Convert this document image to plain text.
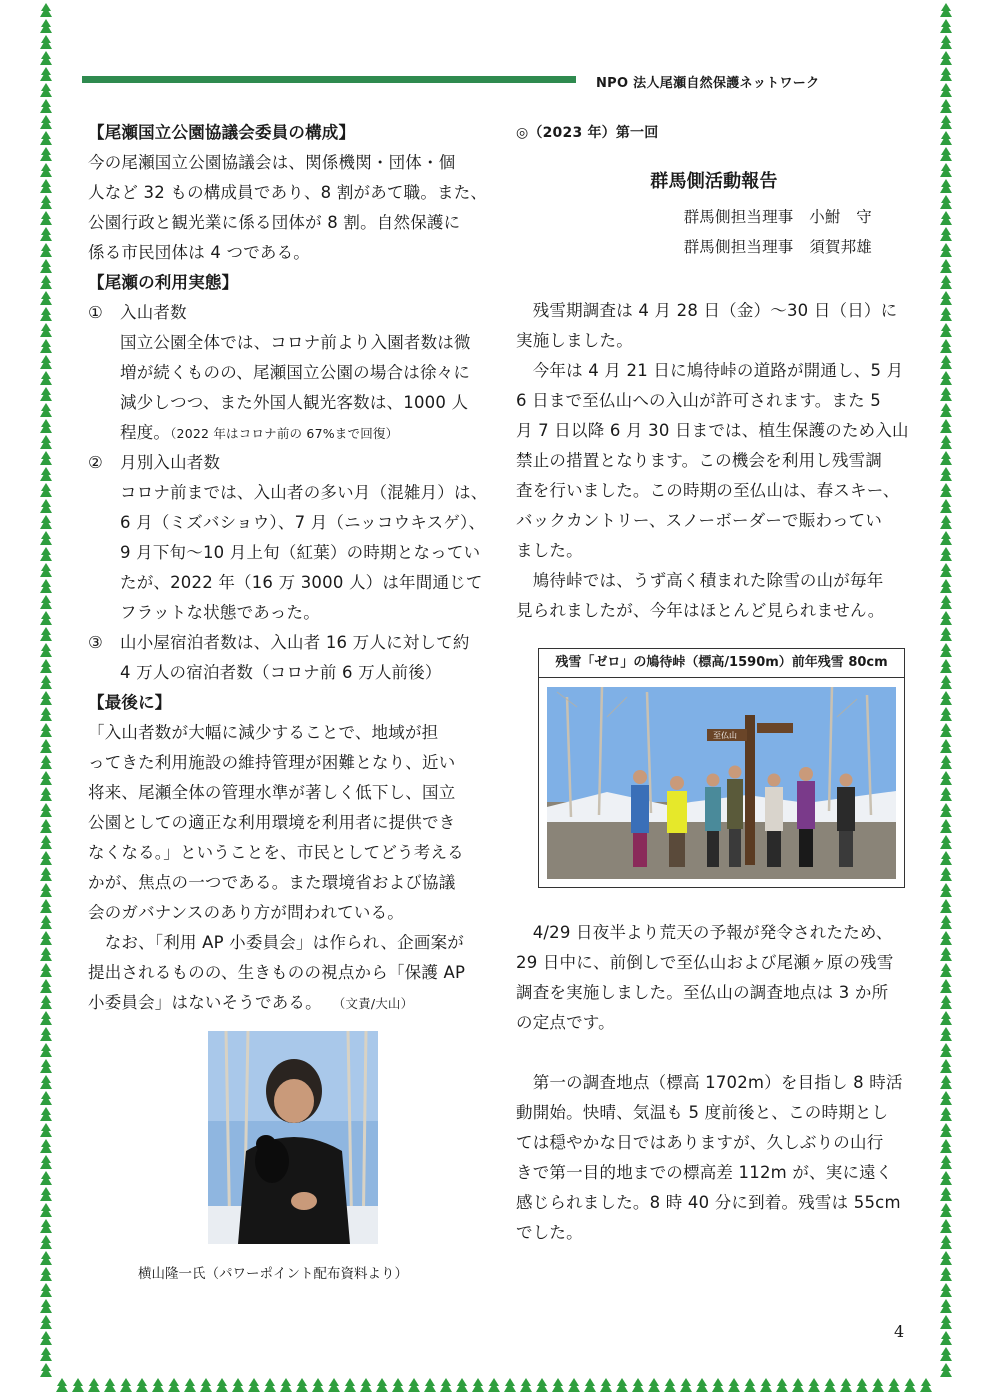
NPO 法人尾瀬自然保護ネットワーク
【尾瀬国立公園協議会委員の構成】
今の尾瀬国立公園協議会は、関係機関・団体・個
人など 32 もの構成員であり、8 割があて職。また、
公園行政と観光業に係る団体が 8 割。自然保護に
係る市民団体は 4 つである。
【尾瀬の利用実態】
① 入山者数
国立公園全体では、コロナ前より入園者数は微
増が続くものの、尾瀬国立公園の場合は徐々に
減少しつつ、また外国人観光客数は、1000 人
程度。（2022 年はコロナ前の 67%まで回復）
② 月別入山者数
コロナ前までは、入山者の多い月（混雑月）は、
6 月（ミズバショウ）、7 月（ニッコウキスゲ）、
9 月下旬〜10 月上旬（紅葉）の時期となってい
たが、2022 年（16 万 3000 人）は年間通じて
フラットな状態であった。
③ 山小屋宿泊者数は、入山者 16 万人に対して約
4 万人の宿泊者数（コロナ前 6 万人前後）
【最後に】
「入山者数が大幅に減少することで、地域が担
ってきた利用施設の維持管理が困難となり、近い
将来、尾瀬全体の管理水準が著しく低下し、国立
公園としての適正な利用環境を利用者に提供でき
なくなる。」ということを、市民としてどう考える
かが、焦点の一つである。また環境省および協議
会のガバナンスのあり方が問われている。
　なお、「利用 AP 小委員会」は作られ、企画案が
提出されるものの、生きものの視点から「保護 AP
小委員会」はないそうである。　　（文責/大山）
横山隆一氏（パワーポイント配布資料より）
◎（2023 年）第一回
群馬側活動報告
群馬側担当理事　小鮒　守
群馬側担当理事　須賀邦雄
　残雪期調査は 4 月 28 日（金）〜30 日（日）に
実施しました。
　今年は 4 月 21 日に鳩待峠の道路が開通し、5 月
6 日まで至仏山への入山が許可されます。また 5
月 7 日以降 6 月 30 日までは、植生保護のため入山
禁止の措置となります。この機会を利用し残雪調
査を行いました。この時期の至仏山は、春スキー、
バックカントリー、スノーボーダーで賑わってい
ました。
　鳩待峠では、うず高く積まれた除雪の山が毎年
見られましたが、今年はほとんど見られません。
残雪「ゼロ」の鳩待峠（標高/1590m）前年残雪 80cm
至仏山
　4/29 日夜半より荒天の予報が発令されたため、
29 日中に、前倒しで至仏山および尾瀬ヶ原の残雪
調査を実施しました。至仏山の調査地点は 3 か所
の定点です。
　第一の調査地点（標高 1702m）を目指し 8 時活
動開始。快晴、気温も 5 度前後と、この時期とし
ては穏やかな日ではありますが、久しぶりの山行
きで第一目的地までの標高差 112m が、実に遠く
感じられました。8 時 40 分に到着。残雪は 55cm
でした。
4
